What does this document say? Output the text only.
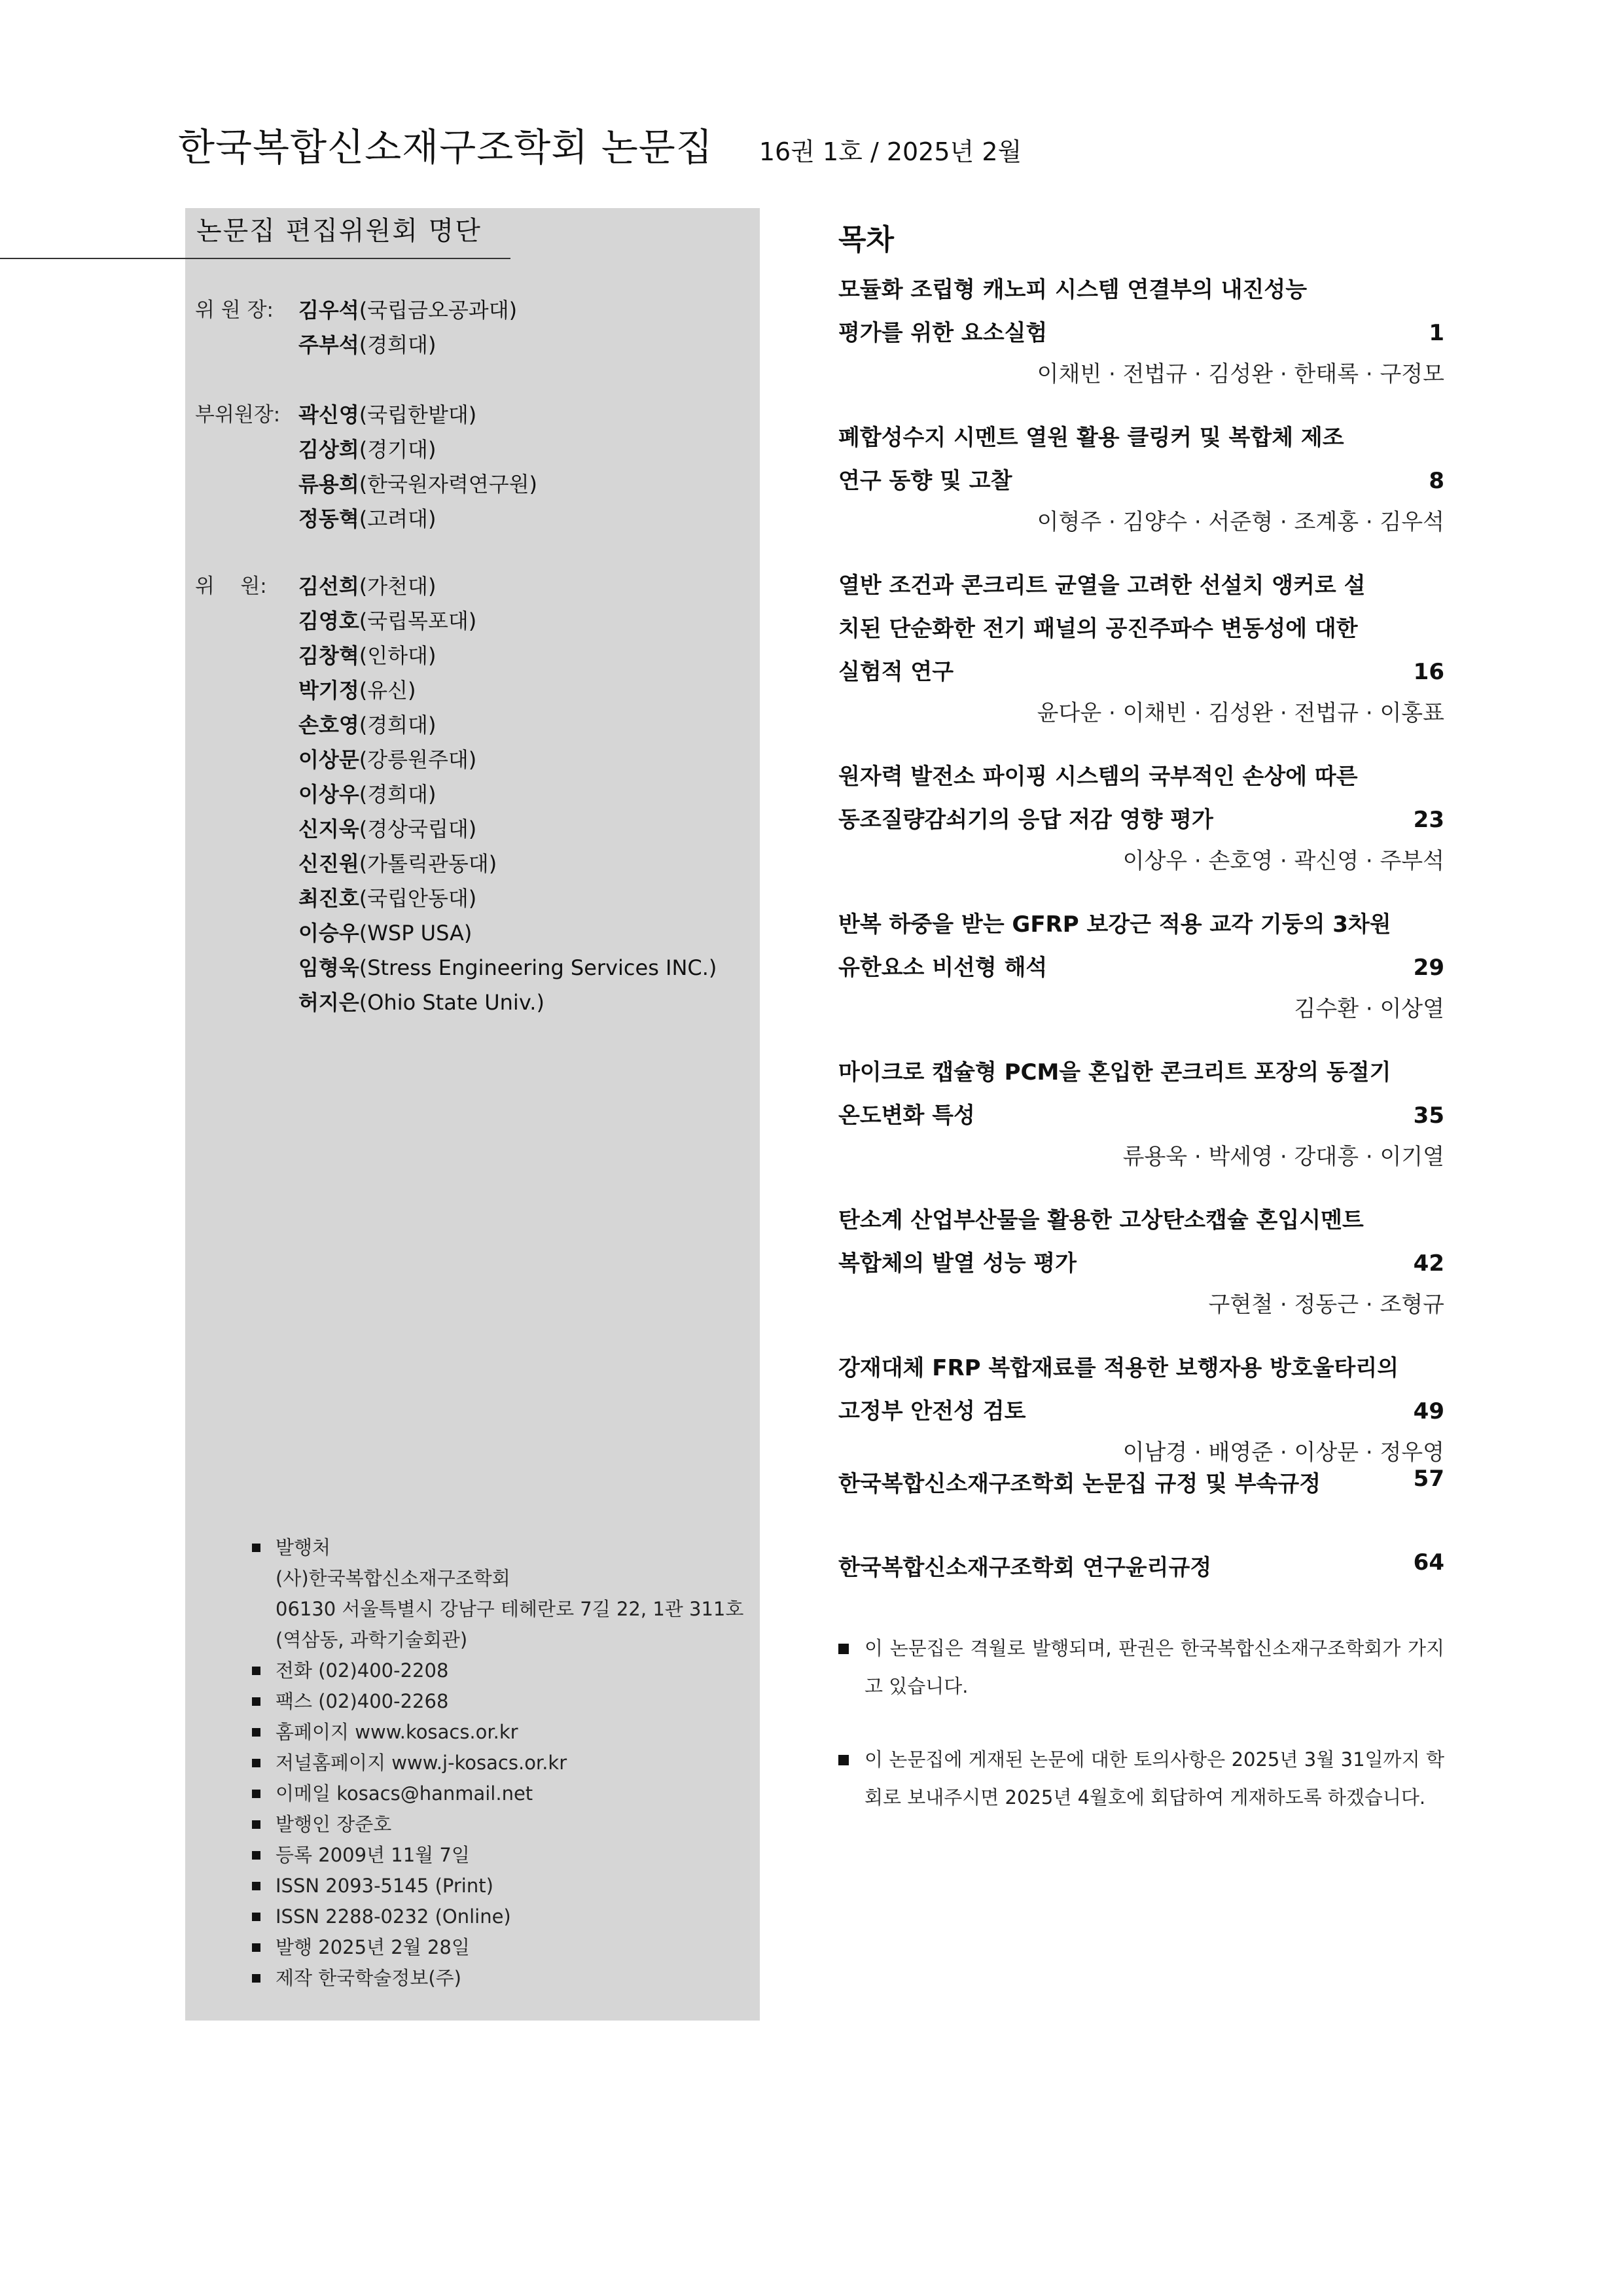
한국복합신소재구조학회 논문집 16권 1호 / 2025년 2월
논문집 편집위원회 명단
위 원 장:	김우석(국립금오공과대)
주부석(경희대)
부위원장: 곽신영(국립한밭대)
김상희(경기대)
류용희(한국원자력연구원)
정동혁(고려대)
위    원:	김선희(가천대)
김영호(국립목포대)
김창혁(인하대)
박기정(유신)
손호영(경희대)
이상문(강릉원주대)
이상우(경희대)
신지욱(경상국립대)
신진원(가톨릭관동대)
최진호(국립안동대)
이승우(WSP USA)
임형욱(Stress Engineering Services INC.)
허지은(Ohio State Univ.)
발행처
(사)한국복합신소재구조학회
06130 서울특별시 강남구 테헤란로 7길 22, 1관 311호
(역삼동, 과학기술회관)
전화 (02)400-2208
팩스 (02)400-2268
홈페이지 www.kosacs.or.kr
저널홈페이지 www.j-kosacs.or.kr
이메일 kosacs@hanmail.net
발행인 장준호
등록 2009년 11월 7일
ISSN 2093-5145 (Print)
ISSN 2288-0232 (Online)
발행 2025년 2월 28일
제작 한국학술정보(주)
목차
모듈화 조립형 캐노피 시스템 연결부의 내진성능
평가를 위한 요소실험	1
이채빈 · 전법규 · 김성완 · 한태록 · 구정모
폐합성수지 시멘트 열원 활용 클링커 및 복합체 제조
연구 동향 및 고찰	8
이형주 · 김양수 · 서준형 · 조계홍 · 김우석
열반 조건과 콘크리트 균열을 고려한 선설치 앵커로 설
치된 단순화한 전기 패널의 공진주파수 변동성에 대한
실험적 연구	16
윤다운 · 이채빈 · 김성완 · 전법규 · 이홍표
원자력 발전소 파이핑 시스템의 국부적인 손상에 따른
동조질량감쇠기의 응답 저감 영향 평가	23
이상우 · 손호영 · 곽신영 · 주부석
반복 하중을 받는 GFRP 보강근 적용 교각 기둥의 3차원
유한요소 비선형 해석	29
김수환 · 이상열
마이크로 캡슐형 PCM을 혼입한 콘크리트 포장의 동절기
온도변화 특성	35
류용욱 · 박세영 · 강대흥 · 이기열
탄소계 산업부산물을 활용한 고상탄소캡슐 혼입시멘트
복합체의 발열 성능 평가	42
구현철 · 정동근 · 조형규
강재대체 FRP 복합재료를 적용한 보행자용 방호울타리의
고정부 안전성 검토	49
이남경 · 배영준 · 이상문 · 정우영
한국복합신소재구조학회 논문집 규정 및 부속규정	57
한국복합신소재구조학회 연구윤리규정	64
이 논문집은 격월로 발행되며, 판권은 한국복합신소재구조학회가 가지고 있습니다.
이 논문집에 게재된 논문에 대한 토의사항은 2025년 3월 31일까지 학회로 보내주시면 2025년 4월호에 회답하여 게재하도록 하겠습니다.
